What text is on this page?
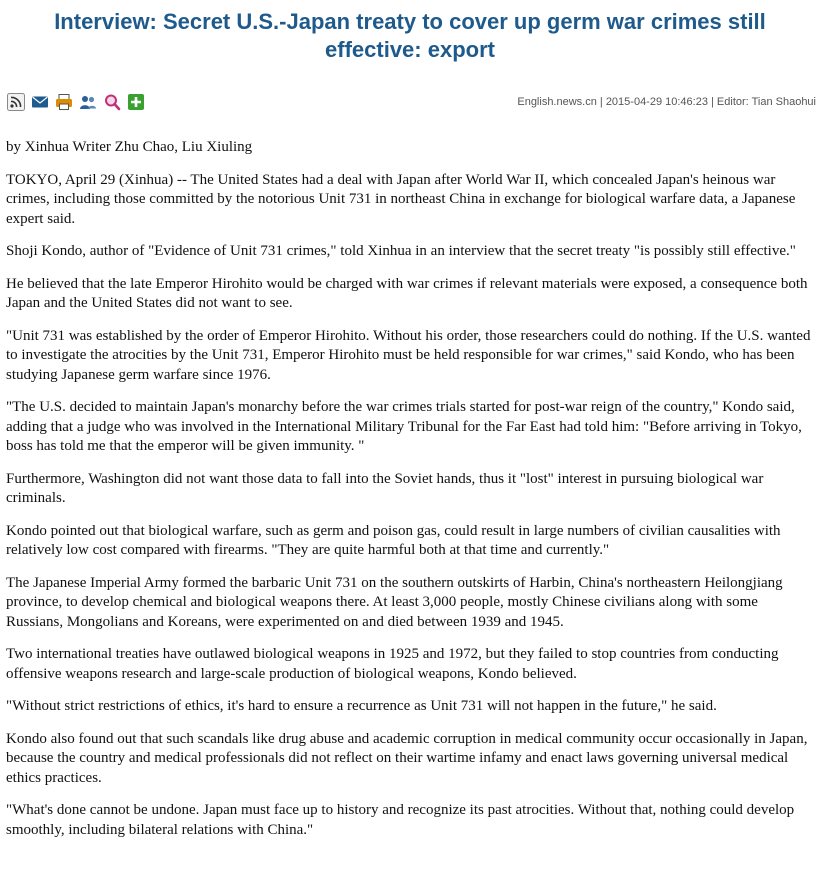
Interview: Secret U.S.-Japan treaty to cover up germ war crimes still
effective: export
English.news.cn | 2015-04-29 10:46:23 | Editor: Tian Shaohui

by Xinhua Writer Zhu Chao, Liu Xiuling

TOKYO, April 29 (Xinhua) -- The United States had a deal with Japan after World War II, which concealed Japan's heinous war crimes, including those committed by the notorious Unit 731 in northeast China in exchange for biological warfare data, a Japanese expert said.

Shoji Kondo, author of "Evidence of Unit 731 crimes," told Xinhua in an interview that the secret treaty "is possibly still effective."

He believed that the late Emperor Hirohito would be charged with war crimes if relevant materials were exposed, a consequence both Japan and the United States did not want to see.

"Unit 731 was established by the order of Emperor Hirohito. Without his order, those researchers could do nothing. If the U.S. wanted to investigate the atrocities by the Unit 731, Emperor Hirohito must be held responsible for war crimes," said Kondo, who has been studying Japanese germ warfare since 1976.

"The U.S. decided to maintain Japan's monarchy before the war crimes trials started for post-war reign of the country," Kondo said, adding that a judge who was involved in the International Military Tribunal for the Far East had told him: "Before arriving in Tokyo, boss has told me that the emperor will be given immunity. "

Furthermore, Washington did not want those data to fall into the Soviet hands, thus it "lost" interest in pursuing biological war criminals.

Kondo pointed out that biological warfare, such as germ and poison gas, could result in large numbers of civilian causalities with relatively low cost compared with firearms. "They are quite harmful both at that time and currently."

The Japanese Imperial Army formed the barbaric Unit 731 on the southern outskirts of Harbin, China's northeastern Heilongjiang province, to develop chemical and biological weapons there. At least 3,000 people, mostly Chinese civilians along with some Russians, Mongolians and Koreans, were experimented on and died between 1939 and 1945.

Two international treaties have outlawed biological weapons in 1925 and 1972, but they failed to stop countries from conducting offensive weapons research and large-scale production of biological weapons, Kondo believed.

"Without strict restrictions of ethics, it's hard to ensure a recurrence as Unit 731 will not happen in the future," he said.

Kondo also found out that such scandals like drug abuse and academic corruption in medical community occur occasionally in Japan, because the country and medical professionals did not reflect on their wartime infamy and enact laws governing universal medical ethics practices.

"What's done cannot be undone. Japan must face up to history and recognize its past atrocities. Without that, nothing could develop smoothly, including bilateral relations with China."
